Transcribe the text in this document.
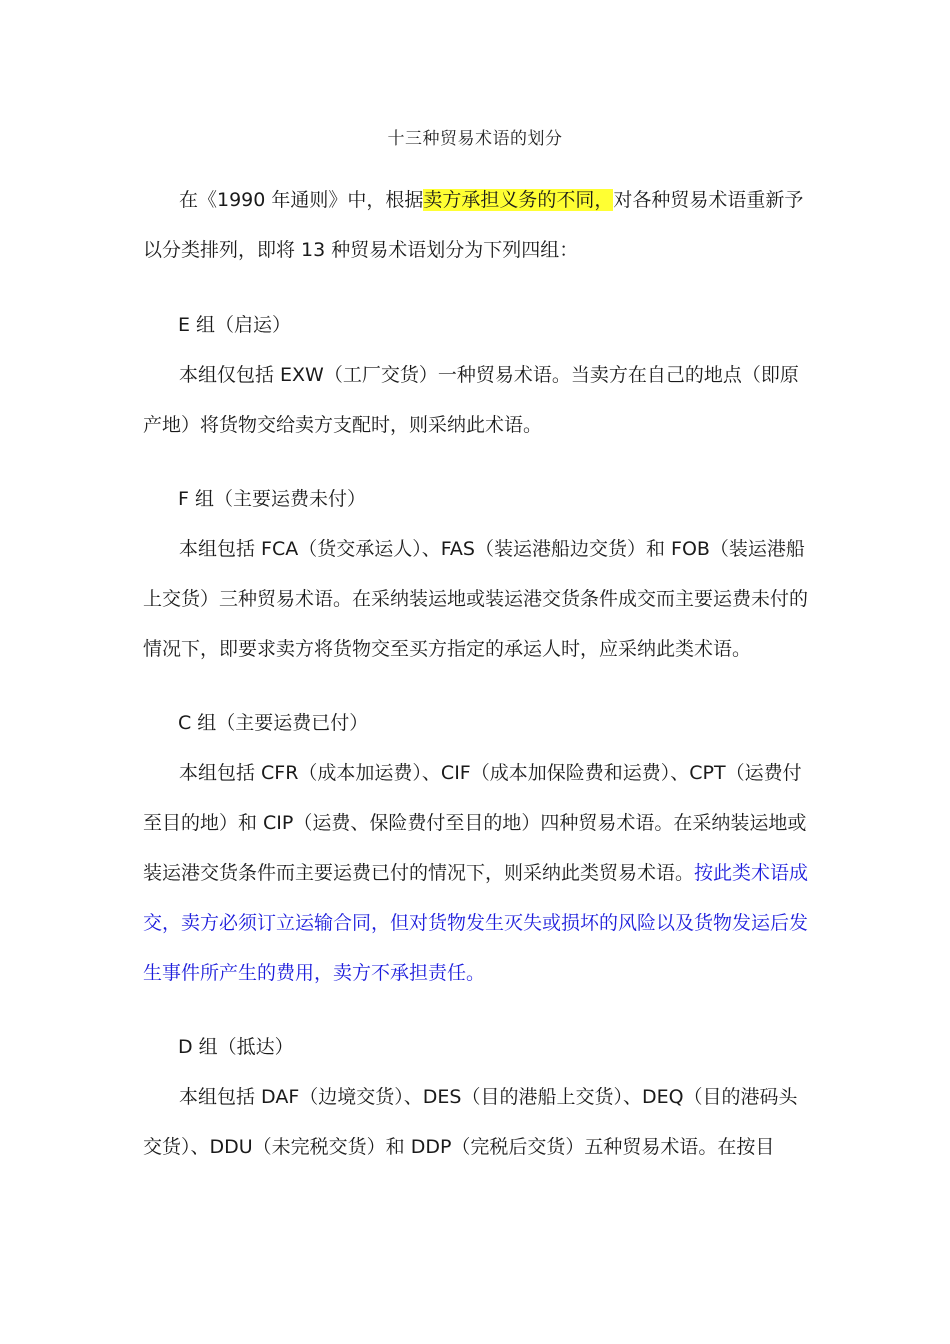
十三种贸易术语的划分

在《1990 年通则》中，根据卖方承担义务的不同，对各种贸易术语重新予以分类排列，即将 13 种贸易术语划分为下列四组：

E 组（启运）

本组仅包括 EXW（工厂交货）一种贸易术语。当卖方在自己的地点（即原产地）将货物交给卖方支配时，则采纳此术语。

F 组（主要运费未付）

本组包括 FCA（货交承运人）、FAS（装运港船边交货）和 FOB（装运港船上交货）三种贸易术语。在采纳装运地或装运港交货条件成交而主要运费未付的情况下，即要求卖方将货物交至买方指定的承运人时，应采纳此类术语。

C 组（主要运费已付）

本组包括 CFR（成本加运费）、CIF（成本加保险费和运费）、CPT（运费付至目的地）和 CIP（运费、保险费付至目的地）四种贸易术语。在采纳装运地或装运港交货条件而主要运费已付的情况下，则采纳此类贸易术语。按此类术语成交，卖方必须订立运输合同，但对货物发生灭失或损坏的风险以及货物发运后发生事件所产生的费用，卖方不承担责任。

D 组（抵达）

本组包括 DAF（边境交货）、DES（目的港船上交货）、DEQ（目的港码头交货）、DDU（未完税交货）和 DDP（完税后交货）五种贸易术语。在按目
